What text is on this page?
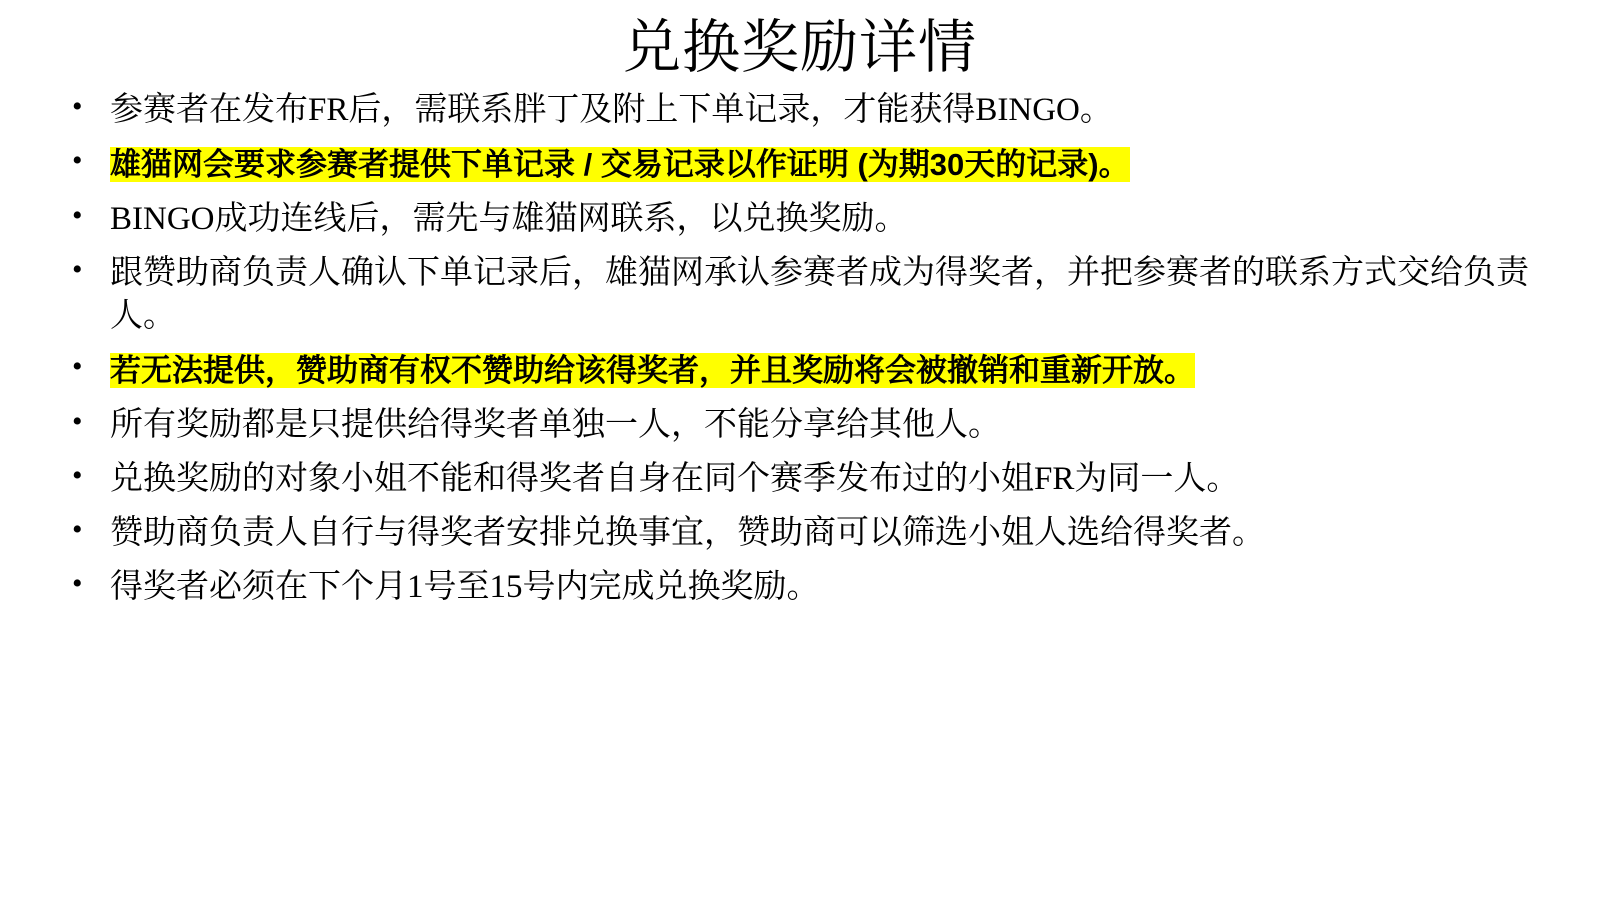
兑换奖励详情
• 参赛者在发布FR后，需联系胖丁及附上下单记录，才能获得BINGO。
• 雄猫网会要求参赛者提供下单记录 / 交易记录以作证明 (为期30天的记录)。
• BINGO成功连线后，需先与雄猫网联系，以兑换奖励。
• 跟赞助商负责人确认下单记录后，雄猫网承认参赛者成为得奖者，并把参赛者的联系方式交给负责人。
• 若无法提供，赞助商有权不赞助给该得奖者，并且奖励将会被撤销和重新开放。
• 所有奖励都是只提供给得奖者单独一人，不能分享给其他人。
• 兑换奖励的对象小姐不能和得奖者自身在同个赛季发布过的小姐FR为同一人。
• 赞助商负责人自行与得奖者安排兑换事宜，赞助商可以筛选小姐人选给得奖者。
• 得奖者必须在下个月1号至15号内完成兑换奖励。
